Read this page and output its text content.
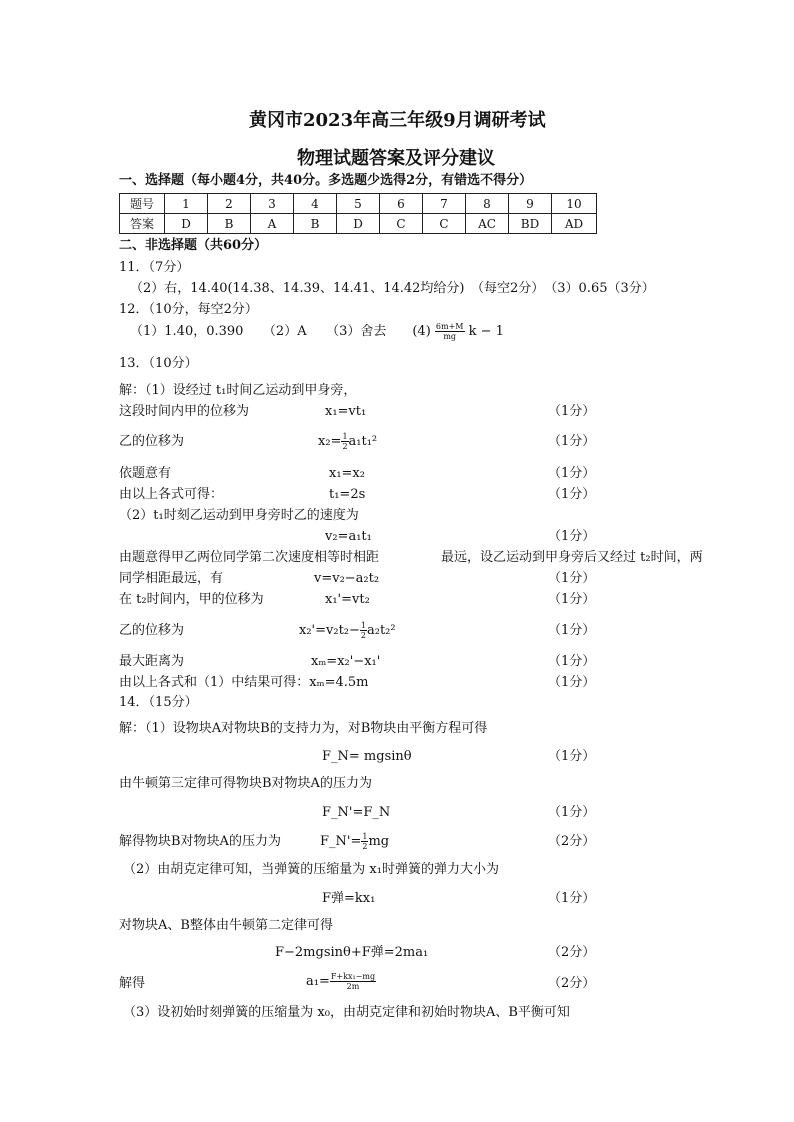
黄冈市2023年高三年级9月调研考试
物理试题答案及评分建议
一、选择题（每小题4分，共40分。多选题少选得2分，有错选不得分）
题号	1	2	3	4	5	6	7	8	9	10
答案	D	B	A	B	D	C	C	AC	BD	AD
二、非选择题（共60分）
11．（7分）
（2）右，14.40(14.38、14.39、14.41、14.42均给分)　（每空2分）　（3）0.65（3分）
12．（10分，每空2分）
（1）1.40，0.390　　（2）A　　（3）舍去　　$(4) \frac{6m+M}{mg}$ k − 1
13．（10分）
解：（1）设经过 t₁时间乙运动到甲身旁，
这段时间内甲的位移为	x₁=vt₁	（1分）
乙的位移为	$x_2= \frac{1}{2} a_1t_1^2$	（1分）
依题意有	x₁=x₂	（1分）
由以上各式可得：	t₁=2s	（1分）
（2）t₁时刻乙运动到甲身旁时乙的速度为
v₂=a₁t₁	（1分）
由题意得甲乙两位同学第二次速度相等时相距	最远，设乙运动到甲身旁后又经过 t₂时间，两
同学相距最远，有	v=v₂−a₂t₂	（1分）
在 t₂时间内，甲的位移为	x₁'=vt₂	（1分）
乙的位移为	$x_2'=v_2t_2- \frac{1}{2} a_2t_2^2$	（1分）
最大距离为	xₘ=x₂'−x₁'	（1分）
由以上各式和（1）中结果可得：xₘ=4.5m	（1分）
14．（15分）
解：（1）设物块A对物块B的支持力为，对B物块由平衡方程可得
F_N= mgsinθ	（1分）
由牛顿第三定律可得物块B对物块A的压力为
F_N'=F_N	（1分）
解得物块B对物块A的压力为	F_N'= $\frac{1}{2}$ mg	（2分）
（2）由胡克定律可知，当弹簧的压缩量为 x₁时弹簧的弹力大小为
F弹=kx₁	（1分）
对物块A、B整体由牛顿第二定律可得
F−2mgsinθ+F弹=2ma₁	（2分）
解得	$a_1= \frac{\text{F+kx₁−mg}}{2m}$	（2分）
（3）设初始时刻弹簧的压缩量为 x₀，由胡克定律和初始时物块A、B平衡可知
